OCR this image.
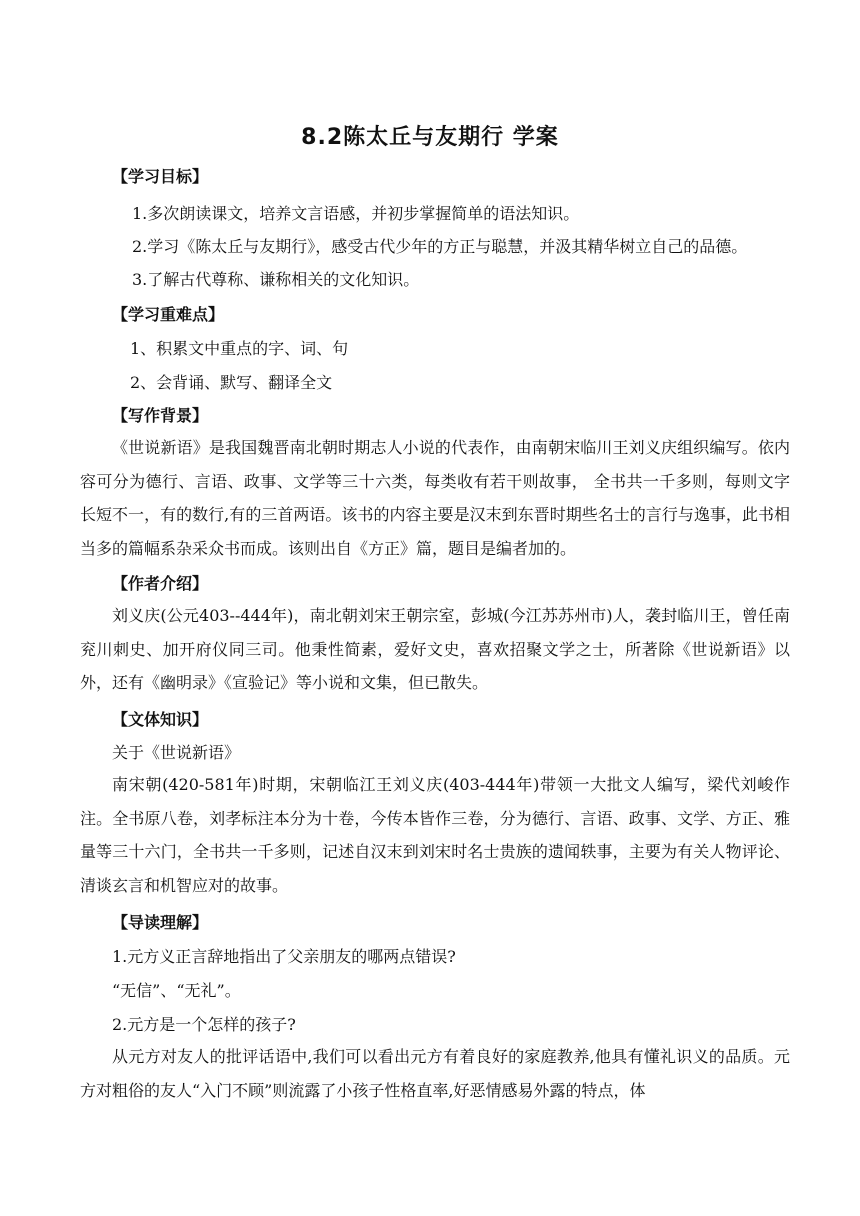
8.2陈太丘与友期行 学案
【学习目标】
1.多次朗读课文，培养文言语感，并初步掌握简单的语法知识。
2.学习《陈太丘与友期行》，感受古代少年的方正与聪慧，并汲其精华树立自己的品德。
3.了解古代尊称、谦称相关的文化知识。
【学习重难点】
1、积累文中重点的字、词、句
2、会背诵、默写、翻译全文
【写作背景】
《世说新语》是我国魏晋南北朝时期志人小说的代表作，由南朝宋临川王刘义庆组织编写。依内容可分为德行、言语、政事、文学等三十六类，每类收有若干则故事， 全书共一千多则，每则文字 长短不一，有的数行,有的三首两语。该书的内容主要是汉末到东晋时期些名士的言行与逸事，此书相当多的篇幅系杂采众书而成。该则出自《方正》篇，题目是编者加的。
【作者介绍】
刘义庆(公元403--444年)，南北朝刘宋王朝宗室，彭城(今江苏苏州市)人，袭封临川王，曾任南兖川刺史、加开府仪同三司。他秉性简素，爱好文史，喜欢招聚文学之士，所著除《世说新语》以外，还有《幽明录》《宣验记》等小说和文集，但已散失。
【文体知识】
关于《世说新语》
南宋朝(420-581年)时期，宋朝临江王刘义庆(403-444年)带领一大批文人编写，梁代刘峻作注。全书原八卷，刘孝标注本分为十卷，今传本皆作三卷，分为德行、言语、政事、文学、方正、雅量等三十六门，全书共一千多则，记述自汉末到刘宋时名士贵族的遗闻轶事，主要为有关人物评论、清谈玄言和机智应对的故事。
【导读理解】
1.元方义正言辞地指出了父亲朋友的哪两点错误?
“无信”、“无礼”。
2.元方是一个怎样的孩子?
从元方对友人的批评话语中,我们可以看出元方有着良好的家庭教养,他具有懂礼识义的品质。元方对粗俗的友人“入门不顾”则流露了小孩子性格直率,好恶情感易外露的特点，体
